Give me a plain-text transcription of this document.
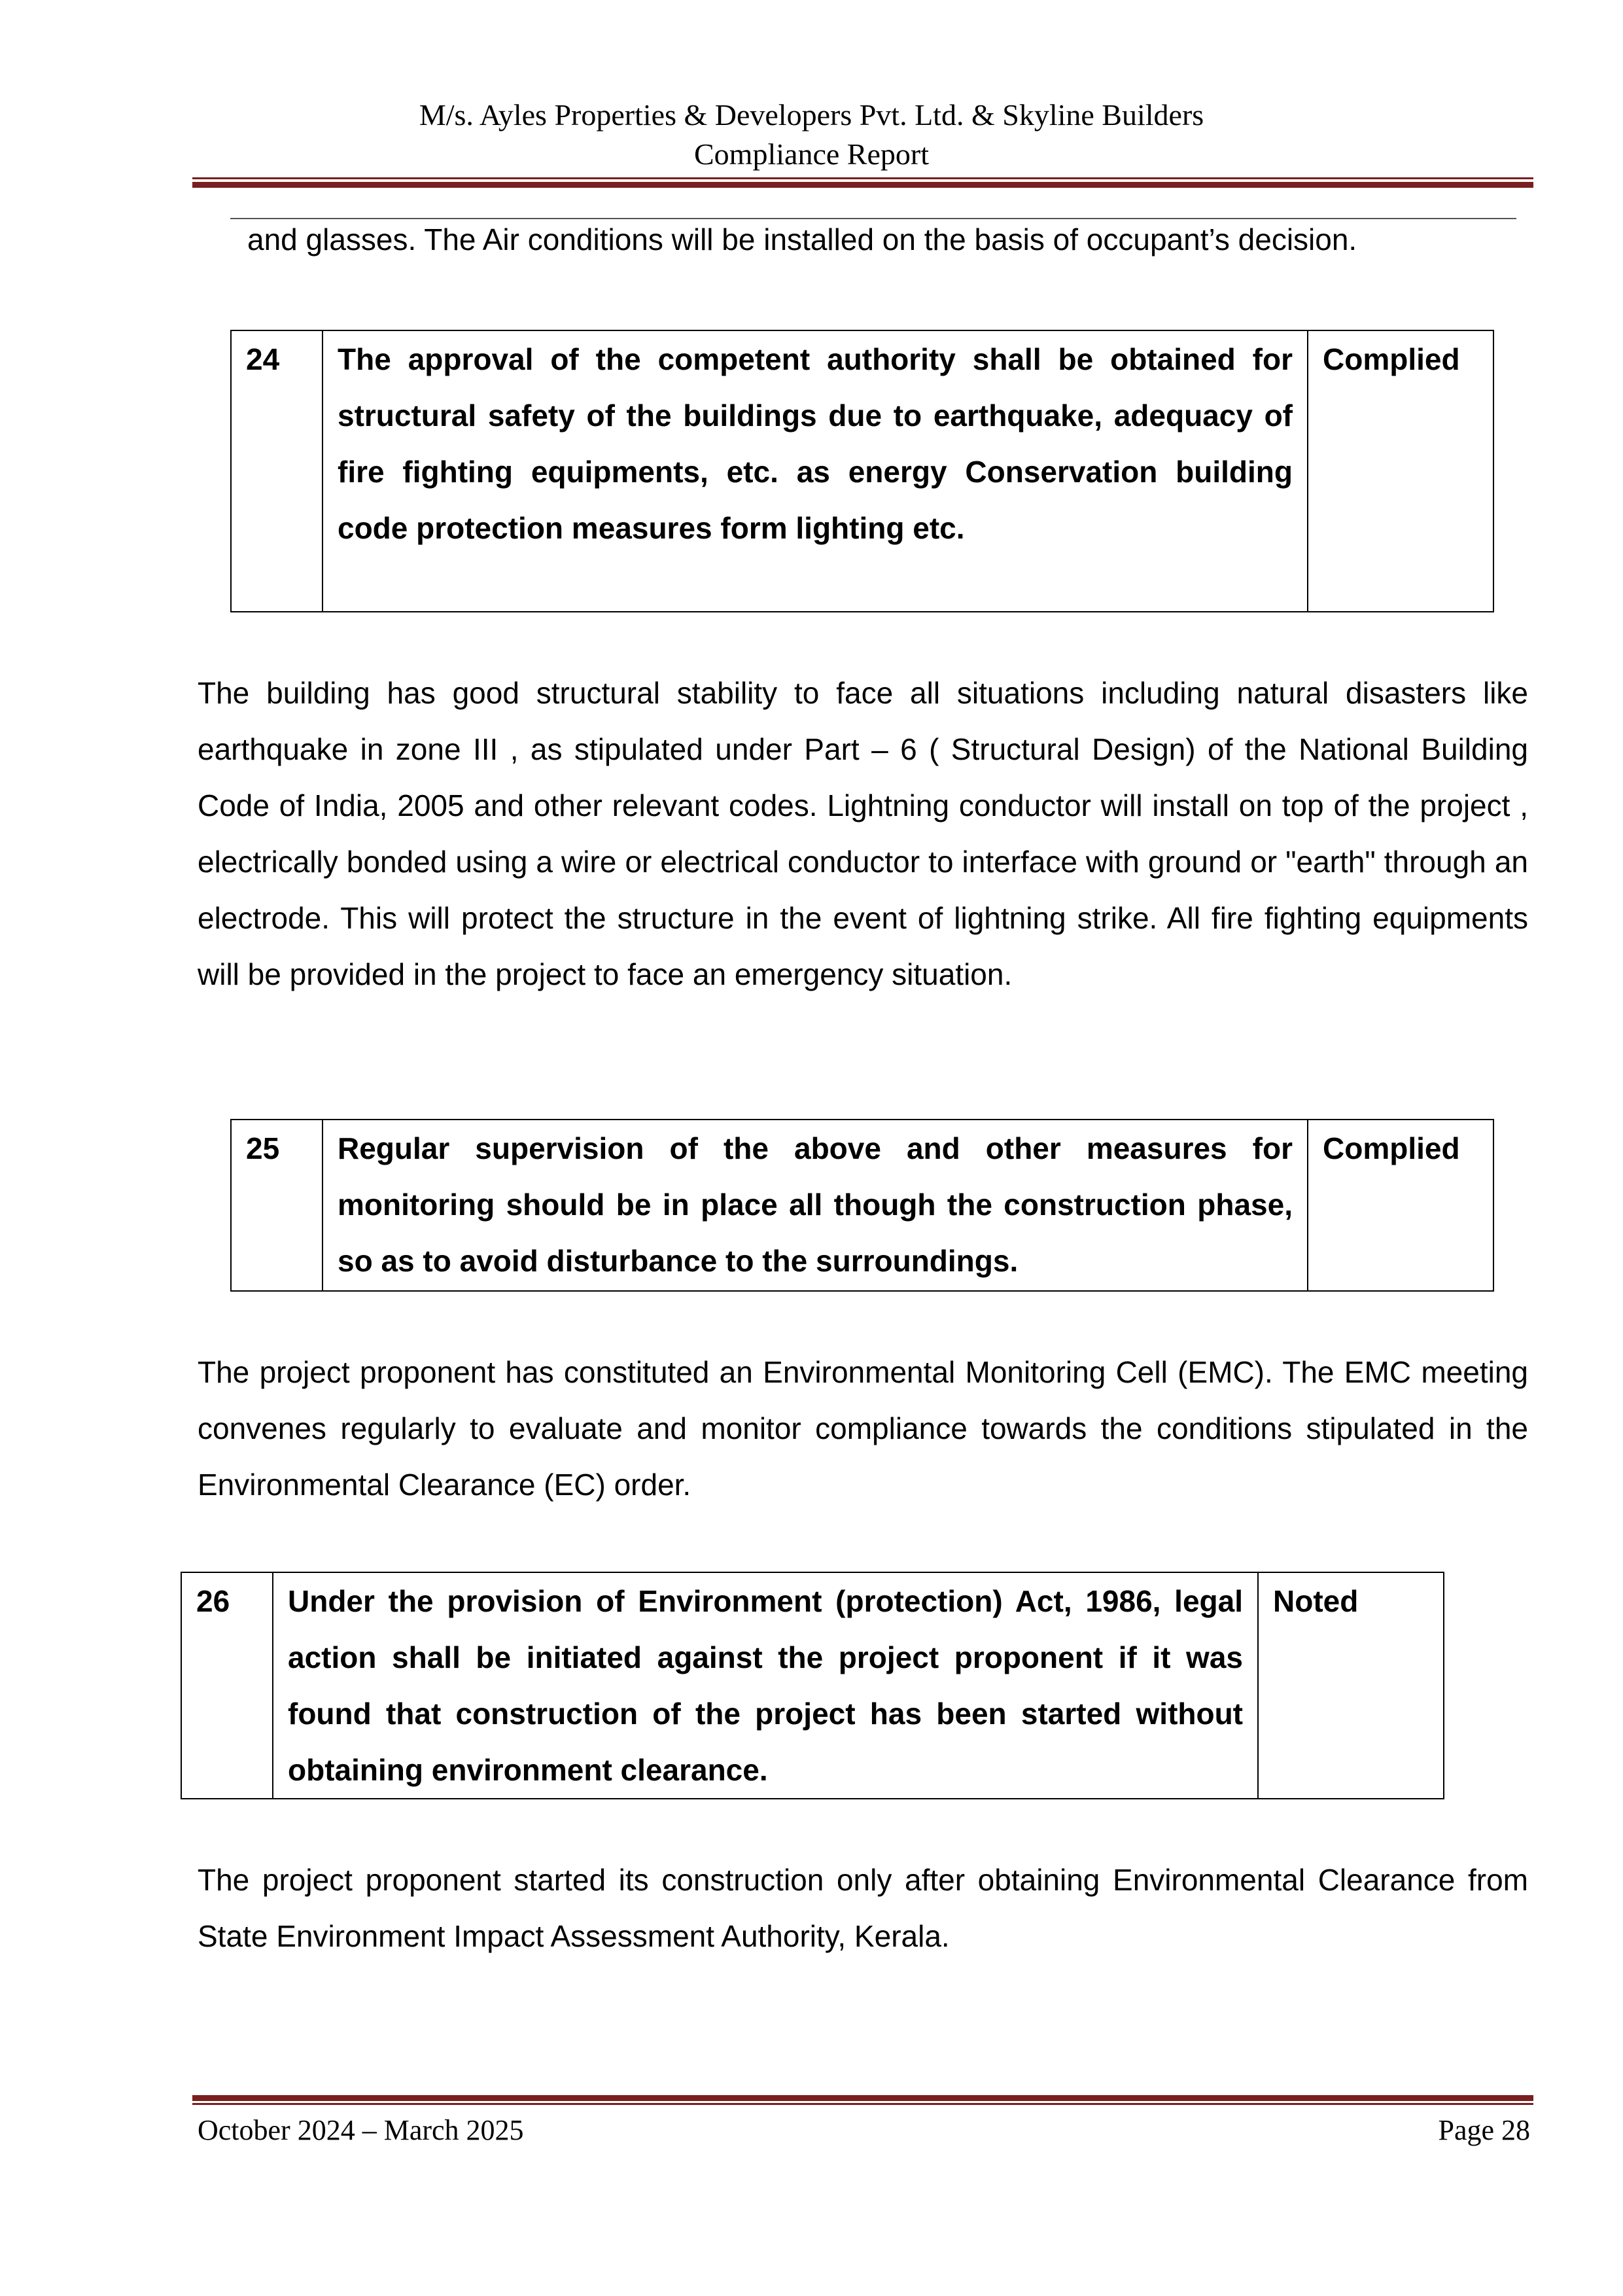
M/s. Ayles Properties & Developers Pvt. Ltd. & Skyline Builders
Compliance Report
and glasses. The Air conditions will be installed on the basis of occupant’s decision.
24	The approval of the competent authority shall be obtained for structural safety of the buildings due to earthquake, adequacy of fire fighting equipments, etc. as energy Conservation building code protection measures form lighting etc.	Complied

The building has good structural stability to face all situations including natural disasters like earthquake in zone III , as stipulated under Part – 6 ( Structural Design) of the National Building Code of India, 2005 and other relevant codes. Lightning conductor will install on top of the project , electrically bonded using a wire or electrical conductor to interface with ground or "earth" through an electrode. This will protect the structure in the event of lightning strike. All fire fighting equipments will be provided in the project to face an emergency situation.

25	Regular supervision of the above and other measures for monitoring should be in place all though the construction phase, so as to avoid disturbance to the surroundings.	Complied

The project proponent has constituted an Environmental Monitoring Cell (EMC). The EMC meeting convenes regularly to evaluate and monitor compliance towards the conditions stipulated in the Environmental Clearance (EC) order.

26	Under the provision of Environment (protection) Act, 1986, legal action shall be initiated against the project proponent if it was found that construction of the project has been started without obtaining environment clearance.	Noted

The project proponent started its construction only after obtaining Environmental Clearance from State Environment Impact Assessment Authority, Kerala.

October 2024 – March 2025	Page 28
